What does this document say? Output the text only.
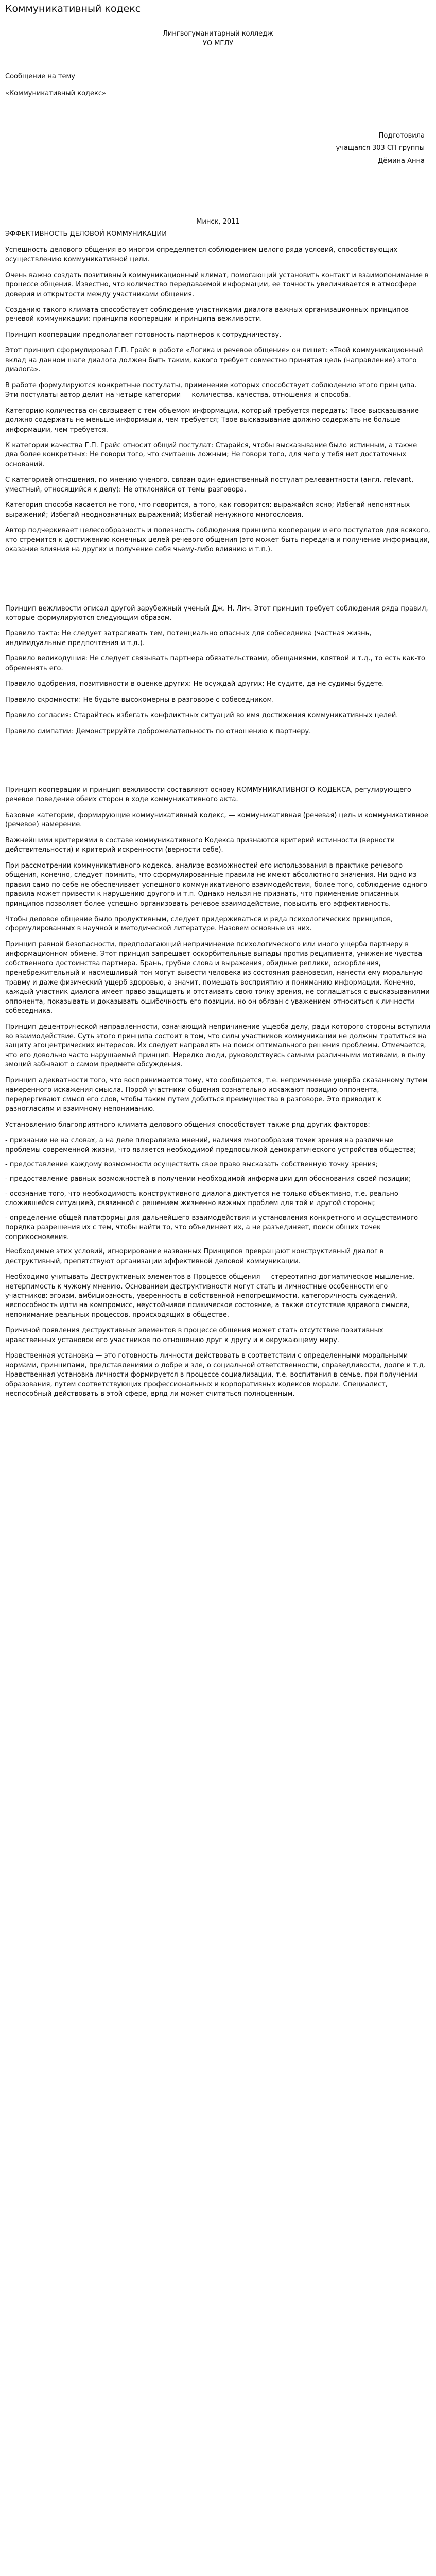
Коммуникативный кодекс
Лингвогуманитарный колледж
УО МГЛУ
Сообщение на тему
«Коммуникативный кодекс»
Подготовила
учащаяся 303 СП группы
Дёмина Анна
Минск, 2011
ЭФФЕКТИВНОСТЬ ДЕЛОВОЙ КОММУНИКАЦИИ

Успешность делового общения во многом определяется соблюдением целого ряда условий, способствующих осуществлению коммуникативной цели.

Очень важно создать позитивный коммуникационный климат, помогающий установить контакт и взаимопонимание в процессе общения. Известно, что количество передаваемой информации, ее точность увеличивается в атмосфере доверия и открытости между участниками общения.

Созданию такого климата способствует соблюдение участниками диалога важных организационных принципов речевой коммуникации: принципа кооперации и принципа вежливости.

Принцип кооперации предполагает готовность партнеров к сотрудничеству.

Этот принцип сформулировал Г.П. Грайс в работе «Логика и речевое общение» он пишет: «Твой коммуникационный вклад на данном шаге диалога должен быть таким, какого требует совместно принятая цель (направление) этого диалога».

В работе формулируются конкретные постулаты, применение которых способствует соблюдению этого принципа. Эти постулаты автор делит на четыре категории — количества, качества, отношения и способа.

Категорию количества он связывает с тем объемом информации, который требуется передать: Твое высказывание должно содержать не меньше информации, чем требуется; Твое высказывание должно содержать не больше информации, чем требуется.

К категории качества Г.П. Грайс относит общий постулат: Старайся, чтобы высказывание было истинным, а также два более конкретных: Не говори того, что считаешь ложным; Не говори того, для чего у тебя нет достаточных оснований.

С категорией отношения, по мнению ученого, связан один единственный постулат релевантности (англ. relevant, — уместный, относящийся к делу): Не отклоняйся от темы разговора.

Категория способа касается не того, что говорится, а того, как говорится: выражайся ясно; Избегай непонятных выражений; Избегай неоднозначных выражений; Избегай ненужного многословия.

Автор подчеркивает целесообразность и полезность соблюдения принципа кооперации и его постулатов для всякого, кто стремится к достижению конечных целей речевого общения (это может быть передача и получение информации, оказание влияния на других и получение себя чьему-либо влиянию и т.п.).

Принцип вежливости описал другой зарубежный ученый Дж. Н. Лич. Этот принцип требует соблюдения ряда правил, которые формулируются следующим образом.

Правило такта: Не следует затрагивать тем, потенциально опасных для собеседника (частная жизнь, индивидуальные предпочтения и т.д.).

Правило великодушия: Не следует связывать партнера обязательствами, обещаниями, клятвой и т.д., то есть как-то обременять его.

Правило одобрения, позитивности в оценке других: Не осуждай других; Не судите, да не судимы будете.

Правило скромности: Не будьте высокомерны в разговоре с собеседником.

Правило согласия: Старайтесь избегать конфликтных ситуаций во имя достижения коммуникативных целей.

Правило симпатии: Демонстрируйте доброжелательность по отношению к партнеру.

Принцип кооперации и принцип вежливости составляют основу КОММУНИКАТИВНОГО КОДЕКСА, регулирующего речевое поведение обеих сторон в ходе коммуникативного акта.

Базовые категории, формирующие коммуникативный кодекс, — коммуникативная (речевая) цель и коммуникативное (речевое) намерение.

Важнейшими критериями в составе коммуникативного Кодекса признаются критерий истинности (верности действительности) и критерий искренности (верности себе).

При рассмотрении коммуникативного кодекса, анализе возможностей его использования в практике речевого общения, конечно, следует помнить, что сформулированные правила не имеют абсолютного значения. Ни одно из правил само по себе не обеспечивает успешного коммуникативного взаимодействия, более того, соблюдение одного правила может привести к нарушению другого и т.п. Однако нельзя не признать, что применение описанных принципов позволяет более успешно организовать речевое взаимодействие, повысить его эффективность.

Чтобы деловое общение было продуктивным, следует придерживаться и ряда психологических принципов, сформулированных в научной и методической литературе. Назовем основные из них.

Принцип равной безопасности, предполагающий непричинение психологического или иного ущерба партнеру в информационном обмене. Этот принцип запрещает оскорбительные выпады против реципиента, унижение чувства собственного достоинства партнера. Брань, грубые слова и выражения, обидные реплики, оскорбления, пренебрежительный и насмешливый тон могут вывести человека из состояния равновесия, нанести ему моральную травму и даже физический ущерб здоровью, а значит, помешать восприятию и пониманию информации. Конечно, каждый участник диалога имеет право защищать и отстаивать свою точку зрения, не соглашаться с высказываниями оппонента, показывать и доказывать ошибочность его позиции, но он обязан с уважением относиться к личности собеседника.

Принцип децентрической направленности, означающий непричинение ущерба делу, ради которого стороны вступили во взаимодействие. Суть этого принципа состоит в том, что силы участников коммуникации не должны тратиться на защиту эгоцентрических интересов. Их следует направлять на поиск оптимального решения проблемы. Отмечается, что его довольно часто нарушаемый принцип. Нередко люди, руководствуясь самыми различными мотивами, в пылу эмоций забывают о самом предмете обсуждения.

Принцип адекватности того, что воспринимается тому, что сообщается, т.е. непричинение ущерба сказанному путем намеренного искажения смысла. Порой участники общения сознательно искажают позицию оппонента, передергивают смысл его слов, чтобы таким путем добиться преимущества в разговоре. Это приводит к разногласиям и взаимному непониманию.

Установлению благоприятного климата делового общения способствует также ряд других факторов:

- признание не на словах, а на деле плюрализма мнений, наличия многообразия точек зрения на различные проблемы современной жизни, что является необходимой предпосылкой демократического устройства общества;

- предоставление каждому возможности осуществить свое право высказать собственную точку зрения;

- предоставление равных возможностей в получении необходимой информации для обоснования своей позиции;

- осознание того, что необходимость конструктивного диалога диктуется не только объективно, т.е. реально сложившейся ситуацией, связанной с решением жизненно важных проблем для той и другой стороны;

- определение общей платформы для дальнейшего взаимодействия и установления конкретного и осуществимого порядка разрешения их с тем, чтобы найти то, что объединяет их, а не разъединяет, поиск общих точек соприкосновения.

Необходимые этих условий, игнорирование названных Принципов превращают конструктивный диалог в деструктивный, препятствуют организации эффективной деловой коммуникации.

Необходимо учитывать Деструктивных элементов в Процессе общения — стереотипно-догматическое мышление, нетерпимость к чужому мнению. Основанием деструктивности могут стать и личностные особенности его участников: эгоизм, амбициозность, уверенность в собственной непогрешимости, категоричность суждений, неспособность идти на компромисс, неустойчивое психическое состояние, а также отсутствие здравого смысла, непонимание реальных процессов, происходящих в обществе.

Причиной появления деструктивных элементов в процессе общения может стать отсутствие позитивных нравственных установок его участников по отношению друг к другу и к окружающему миру.

Нравственная установка — это готовность личности действовать в соответствии с определенными моральными нормами, принципами, представлениями о добре и зле, о социальной ответственности, справедливости, долге и т.д. Нравственная установка личности формируется в процессе социализации, т.е. воспитания в семье, при получении образования, путем соответствующих профессиональных и корпоративных кодексов морали. Специалист, неспособный действовать в этой сфере, вряд ли может считаться полноценным.
